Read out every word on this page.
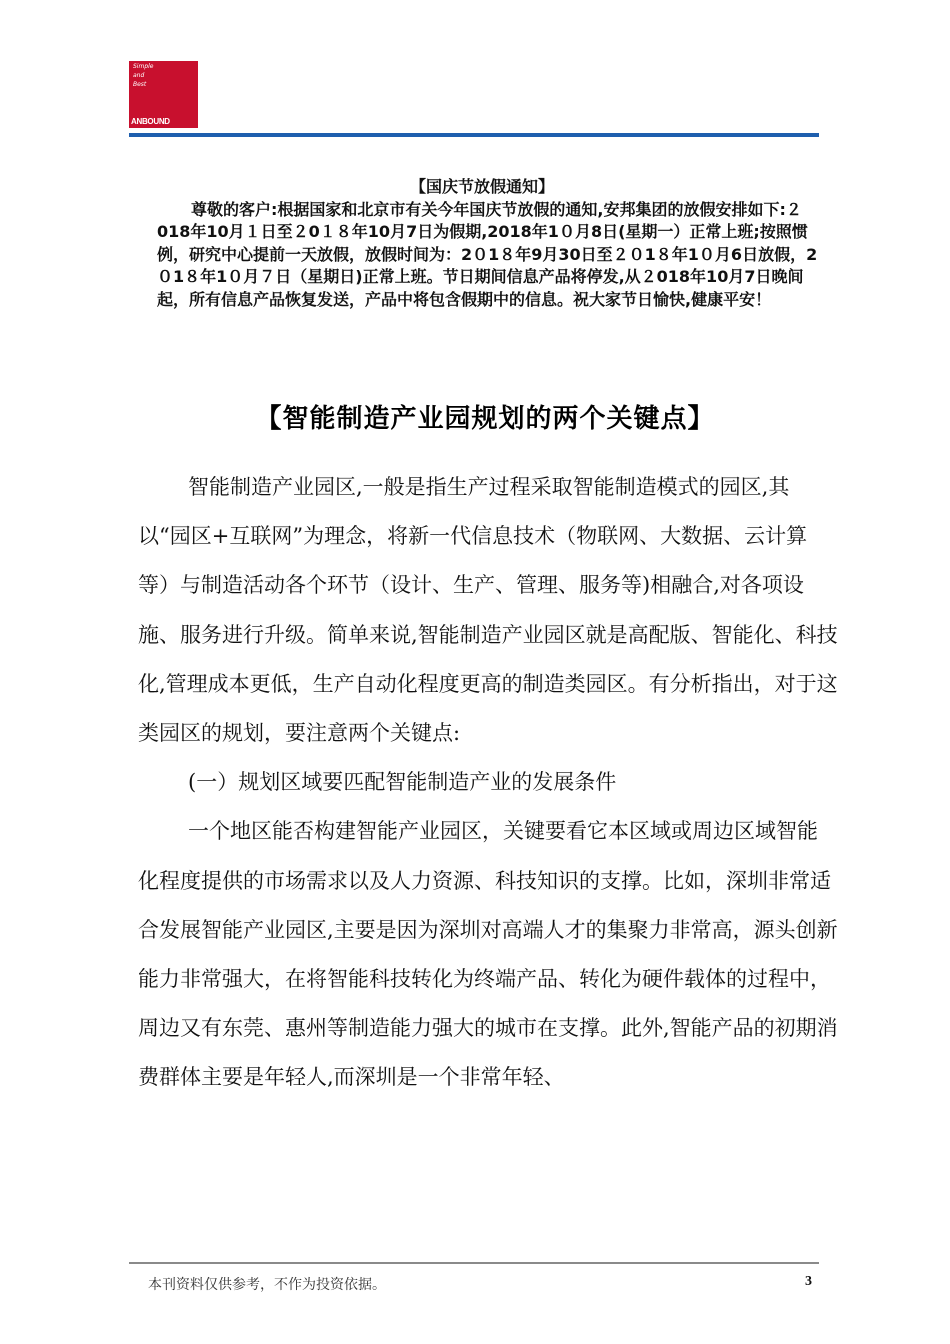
Simple
and
Best
ANBOUND
【国庆节放假通知】

尊敬的客户:根据国家和北京市有关今年国庆节放假的通知,安邦集团的放假安排如下:２018年10月１日至２0１８年10月7日为假期,2018年1０月8日(星期一）正常上班;按照惯例，研究中心提前一天放假，放假时间为：2０1８年9月30日至２０1８年1０月6日放假，2０1８年1０月７日（星期日)正常上班。节日期间信息产品将停发,从２018年10月7日晚间起，所有信息产品恢复发送，产品中将包含假期中的信息。祝大家节日愉快,健康平安！

【智能制造产业园规划的两个关键点】

智能制造产业园区,一般是指生产过程采取智能制造模式的园区,其以“园区+互联网”为理念，将新一代信息技术（物联网、大数据、云计算等）与制造活动各个环节（设计、生产、管理、服务等)相融合,对各项设施、服务进行升级。简单来说,智能制造产业园区就是高配版、智能化、科技化,管理成本更低，生产自动化程度更高的制造类园区。有分析指出，对于这类园区的规划，要注意两个关键点:

(一）规划区域要匹配智能制造产业的发展条件

一个地区能否构建智能产业园区，关键要看它本区域或周边区域智能化程度提供的市场需求以及人力资源、科技知识的支撑。比如，深圳非常适合发展智能产业园区,主要是因为深圳对高端人才的集聚力非常高，源头创新能力非常强大，在将智能科技转化为终端产品、转化为硬件载体的过程中，周边又有东莞、惠州等制造能力强大的城市在支撑。此外,智能产品的初期消费群体主要是年轻人,而深圳是一个非常年轻、

本刊资料仅供参考，不作为投资依据。	3
